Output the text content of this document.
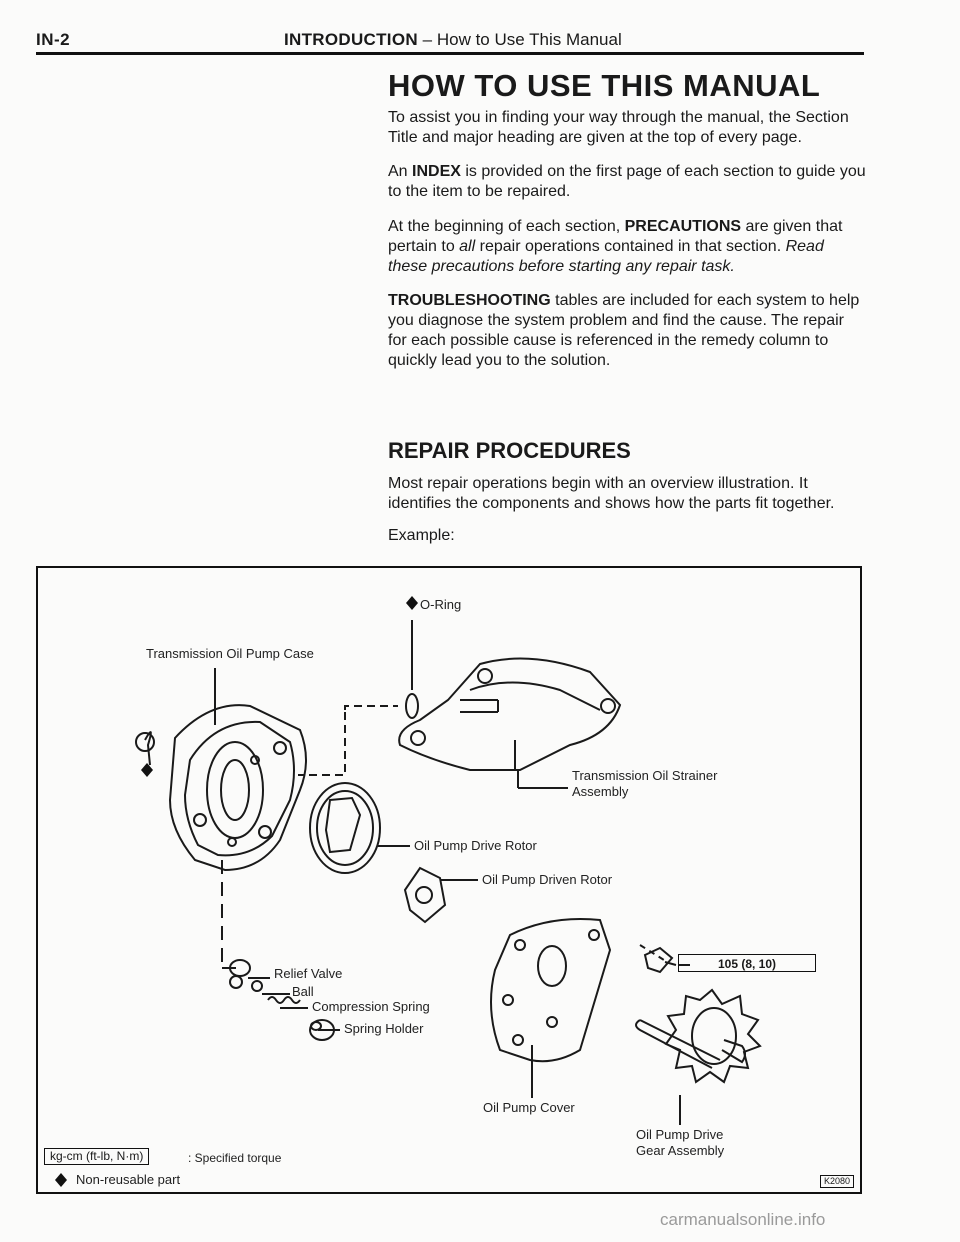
IN-2	INTRODUCTION – How to Use This Manual
HOW TO USE THIS MANUAL

To assist you in finding your way through the manual, the Section Title and major heading are given at the top of every page.

An INDEX is provided on the first page of each section to guide you to the item to be repaired.

At the beginning of each section, PRECAUTIONS are given that pertain to all repair operations contained in that section. Read these precautions before starting any repair task.

TROUBLESHOOTING tables are included for each system to help you diagnose the system problem and find the cause. The repair for each possible cause is referenced in the remedy column to quickly lead you to the solution.

REPAIR PROCEDURES

Most repair operations begin with an overview illustration. It identifies the components and shows how the parts fit together.

Example:

O-Ring
Transmission Oil Pump Case
Transmission Oil Strainer
Assembly
Oil Pump Drive Rotor
Oil Pump Driven Rotor
Relief Valve
Ball
Compression Spring
Spring Holder
Oil Pump Cover
Oil Pump Drive
Gear Assembly
105 (8, 10)
kg-cm (ft-lb, N·m)	: Specified torque
Non-reusable part	K2080
carmanualsonline.info
